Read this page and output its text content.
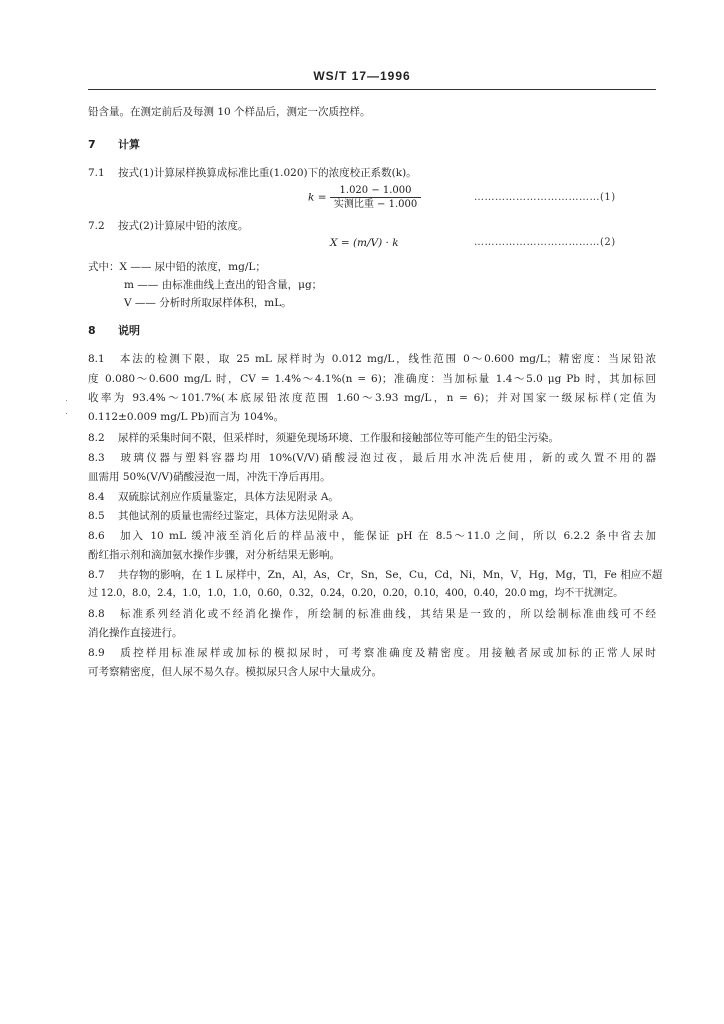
WS/T 17—1996
铅含量。在测定前后及每测 10 个样品后，测定一次质控样。
7 计算
7.1 按式(1)计算尿样换算成标准比重(1.020)下的浓度校正系数(k)。
$k = \frac{1.020 - 1.000}{\text{实测比重 − 1.000}}$	………………………………(1)
7.2 按式(2)计算尿中铅的浓度。
X = (m/V) · k	………………………………(2)
式中：X —— 尿中铅的浓度，mg/L；
m —— 由标准曲线上查出的铅含量，μg；
V —— 分析时所取尿样体积，mL。
8 说明
8.1 本法的检测下限，取 25 mL 尿样时为 0.012 mg/L，线性范围 0～0.600 mg/L；精密度：当尿铅浓
度 0.080～0.600 mg/L 时，CV = 1.4%～4.1%(n = 6)；准确度：当加标量 1.4～5.0 μg Pb 时，其加标回
收率为 93.4%～101.7%(本底尿铅浓度范围 1.60～3.93 mg/L，n = 6)；并对国家一级尿标样(定值为
0.112±0.009 mg/L Pb)而言为 104%。
8.2 尿样的采集时间不限，但采样时，须避免现场环境、工作服和接触部位等可能产生的铅尘污染。
8.3 玻璃仪器与塑料容器均用 10%(V/V)硝酸浸泡过夜，最后用水冲洗后使用，新的或久置不用的器
皿需用 50%(V/V)硝酸浸泡一周，冲洗干净后再用。
8.4 双硫腙试剂应作质量鉴定，具体方法见附录 A。
8.5 其他试剂的质量也需经过鉴定，具体方法见附录 A。
8.6 加入 10 mL 缓冲液至消化后的样品液中，能保证 pH 在 8.5～11.0 之间，所以 6.2.2 条中省去加
酚红指示剂和滴加氨水操作步骤，对分析结果无影响。
8.7 共存物的影响，在 1 L 尿样中，Zn，Al，As，Cr，Sn，Se，Cu，Cd，Ni，Mn，V，Hg，Mg，Tl，Fe 相应不超
过 12.0，8.0，2.4，1.0，1.0，1.0，0.60，0.32，0.24，0.20，0.20，0.10，400，0.40，20.0 mg，均不干扰测定。
8.8 标准系列经消化或不经消化操作，所绘制的标准曲线，其结果是一致的，所以绘制标准曲线可不经
消化操作直接进行。
8.9 质控样用标准尿样或加标的模拟尿时，可考察准确度及精密度。用接触者尿或加标的正常人尿时
可考察精密度，但人尿不易久存。模拟尿只含人尿中大量成分。
